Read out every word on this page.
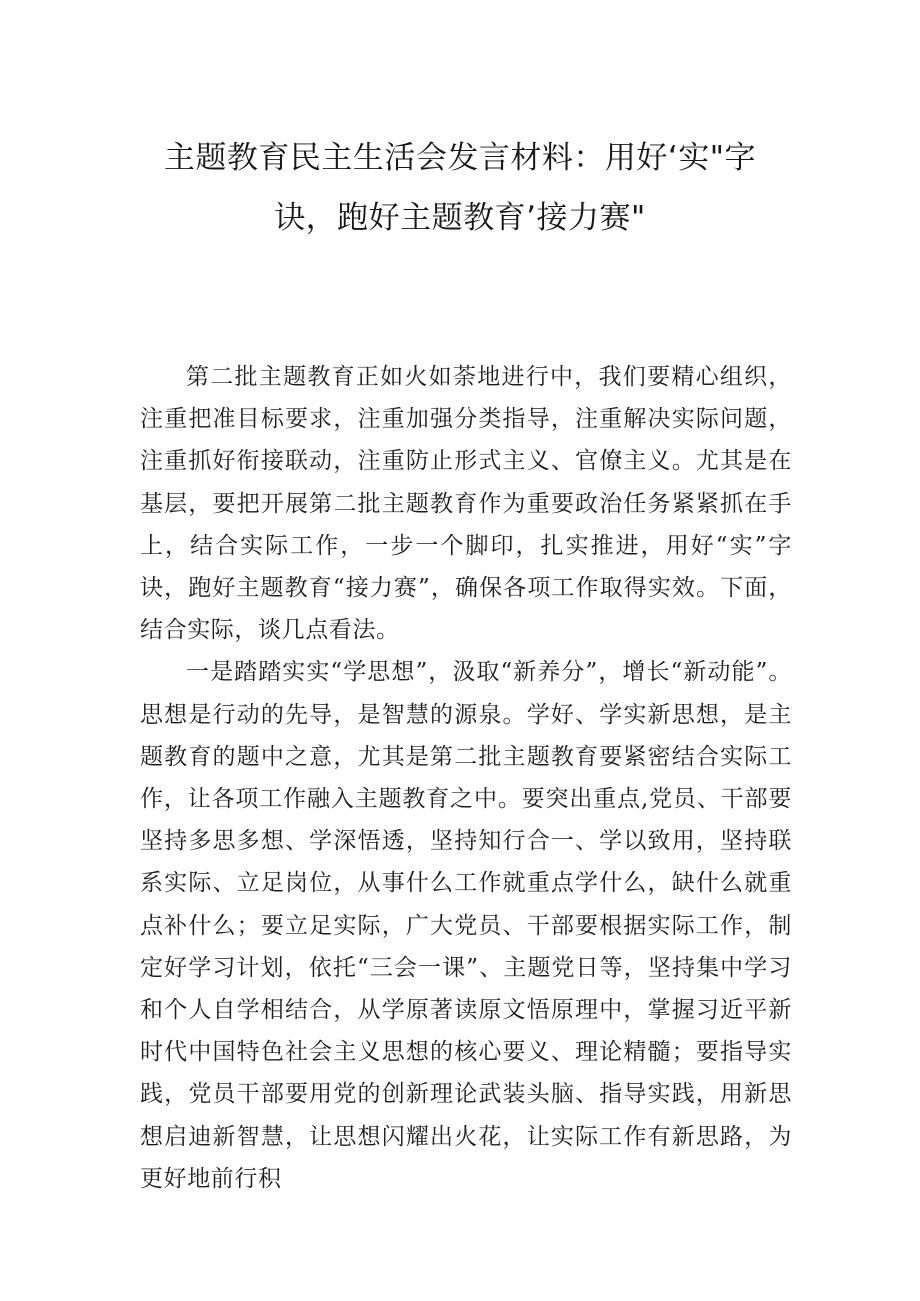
主题教育民主生活会发言材料：用好‘实"字
诀，跑好主题教育’接力赛"

第二批主题教育正如火如荼地进行中，我们要精心组织，注重把准目标要求，注重加强分类指导，注重解决实际问题，注重抓好衔接联动，注重防止形式主义、官僚主义。尤其是在基层，要把开展第二批主题教育作为重要政治任务紧紧抓在手上，结合实际工作，一步一个脚印，扎实推进，用好“实”字诀，跑好主题教育“接力赛”，确保各项工作取得实效。下面，结合实际，谈几点看法。

一是踏踏实实“学思想”，汲取“新养分”，增长“新动能”。思想是行动的先导，是智慧的源泉。学好、学实新思想，是主题教育的题中之意，尤其是第二批主题教育要紧密结合实际工作，让各项工作融入主题教育之中。要突出重点,党员、干部要坚持多思多想、学深悟透，坚持知行合一、学以致用，坚持联系实际、立足岗位，从事什么工作就重点学什么，缺什么就重点补什么；要立足实际，广大党员、干部要根据实际工作，制定好学习计划，依托“三会一课”、主题党日等，坚持集中学习和个人自学相结合，从学原著读原文悟原理中，掌握习近平新时代中国特色社会主义思想的核心要义、理论精髓；要指导实践，党员干部要用党的创新理论武装头脑、指导实践，用新思想启迪新智慧，让思想闪耀出火花，让实际工作有新思路，为更好地前行积
